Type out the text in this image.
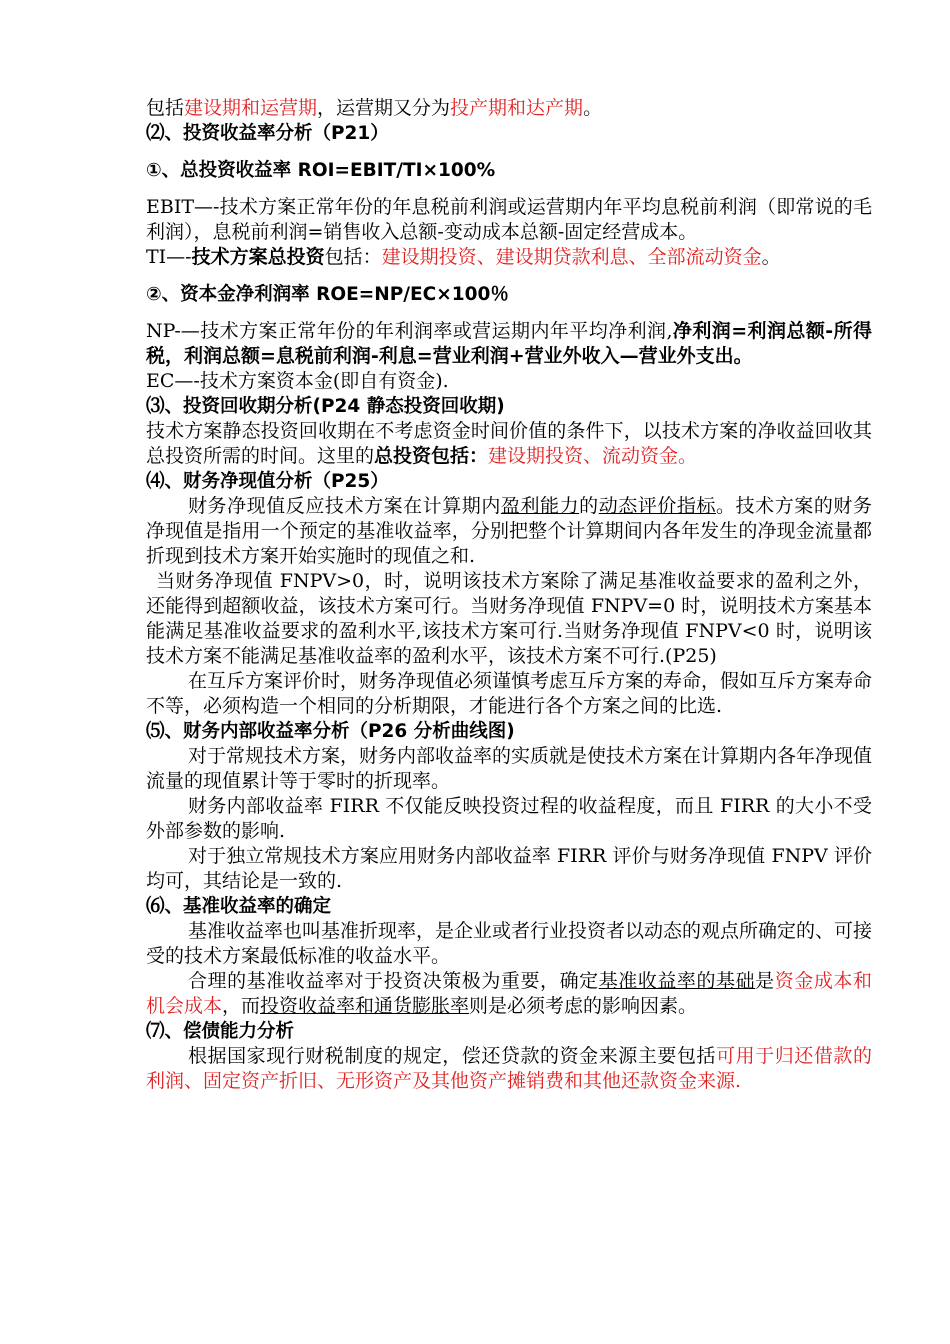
包括建设期和运营期，运营期又分为投产期和达产期。

⑵、投资收益率分析（P21）

①、总投资收益率 ROI=EBIT/TI×100%

EBIT—-技术方案正常年份的年息税前利润或运营期内年平均息税前利润（即常说的毛利润），息税前利润=销售收入总额-变动成本总额-固定经营成本。

TI—-技术方案总投资包括：建设期投资、建设期贷款利息、全部流动资金。

②、资本金净利润率 ROE=NP/EC×100％

NP-—技术方案正常年份的年利润率或营运期内年平均净利润,净利润=利润总额-所得税，利润总额=息税前利润-利息=营业利润+营业外收入—营业外支出。

EC—-技术方案资本金(即自有资金).

⑶、投资回收期分析(P24 静态投资回收期)

技术方案静态投资回收期在不考虑资金时间价值的条件下，以技术方案的净收益回收其总投资所需的时间。这里的总投资包括：建设期投资、流动资金。

⑷、财务净现值分析（P25）

财务净现值反应技术方案在计算期内盈利能力的动态评价指标。技术方案的财务净现值是指用一个预定的基准收益率，分别把整个计算期间内各年发生的净现金流量都折现到技术方案开始实施时的现值之和.

当财务净现值 FNPV>0，时，说明该技术方案除了满足基准收益要求的盈利之外，还能得到超额收益，该技术方案可行。当财务净现值 FNPV=0 时，说明技术方案基本能满足基准收益要求的盈利水平,该技术方案可行.当财务净现值 FNPV<0 时，说明该技术方案不能满足基准收益率的盈利水平，该技术方案不可行.(P25)

在互斥方案评价时，财务净现值必须谨慎考虑互斥方案的寿命，假如互斥方案寿命不等，必须构造一个相同的分析期限，才能进行各个方案之间的比选.

⑸、财务内部收益率分析（P26 分析曲线图)

对于常规技术方案，财务内部收益率的实质就是使技术方案在计算期内各年净现值流量的现值累计等于零时的折现率。

财务内部收益率 FIRR 不仅能反映投资过程的收益程度，而且 FIRR 的大小不受外部参数的影响.

对于独立常规技术方案应用财务内部收益率 FIRR 评价与财务净现值 FNPV 评价均可，其结论是一致的.

⑹、基准收益率的确定

基准收益率也叫基准折现率，是企业或者行业投资者以动态的观点所确定的、可接受的技术方案最低标准的收益水平。

合理的基准收益率对于投资决策极为重要，确定基准收益率的基础是资金成本和机会成本，而投资收益率和通货膨胀率则是必须考虑的影响因素。

⑺、偿债能力分析

根据国家现行财税制度的规定，偿还贷款的资金来源主要包括可用于归还借款的利润、固定资产折旧、无形资产及其他资产摊销费和其他还款资金来源.
